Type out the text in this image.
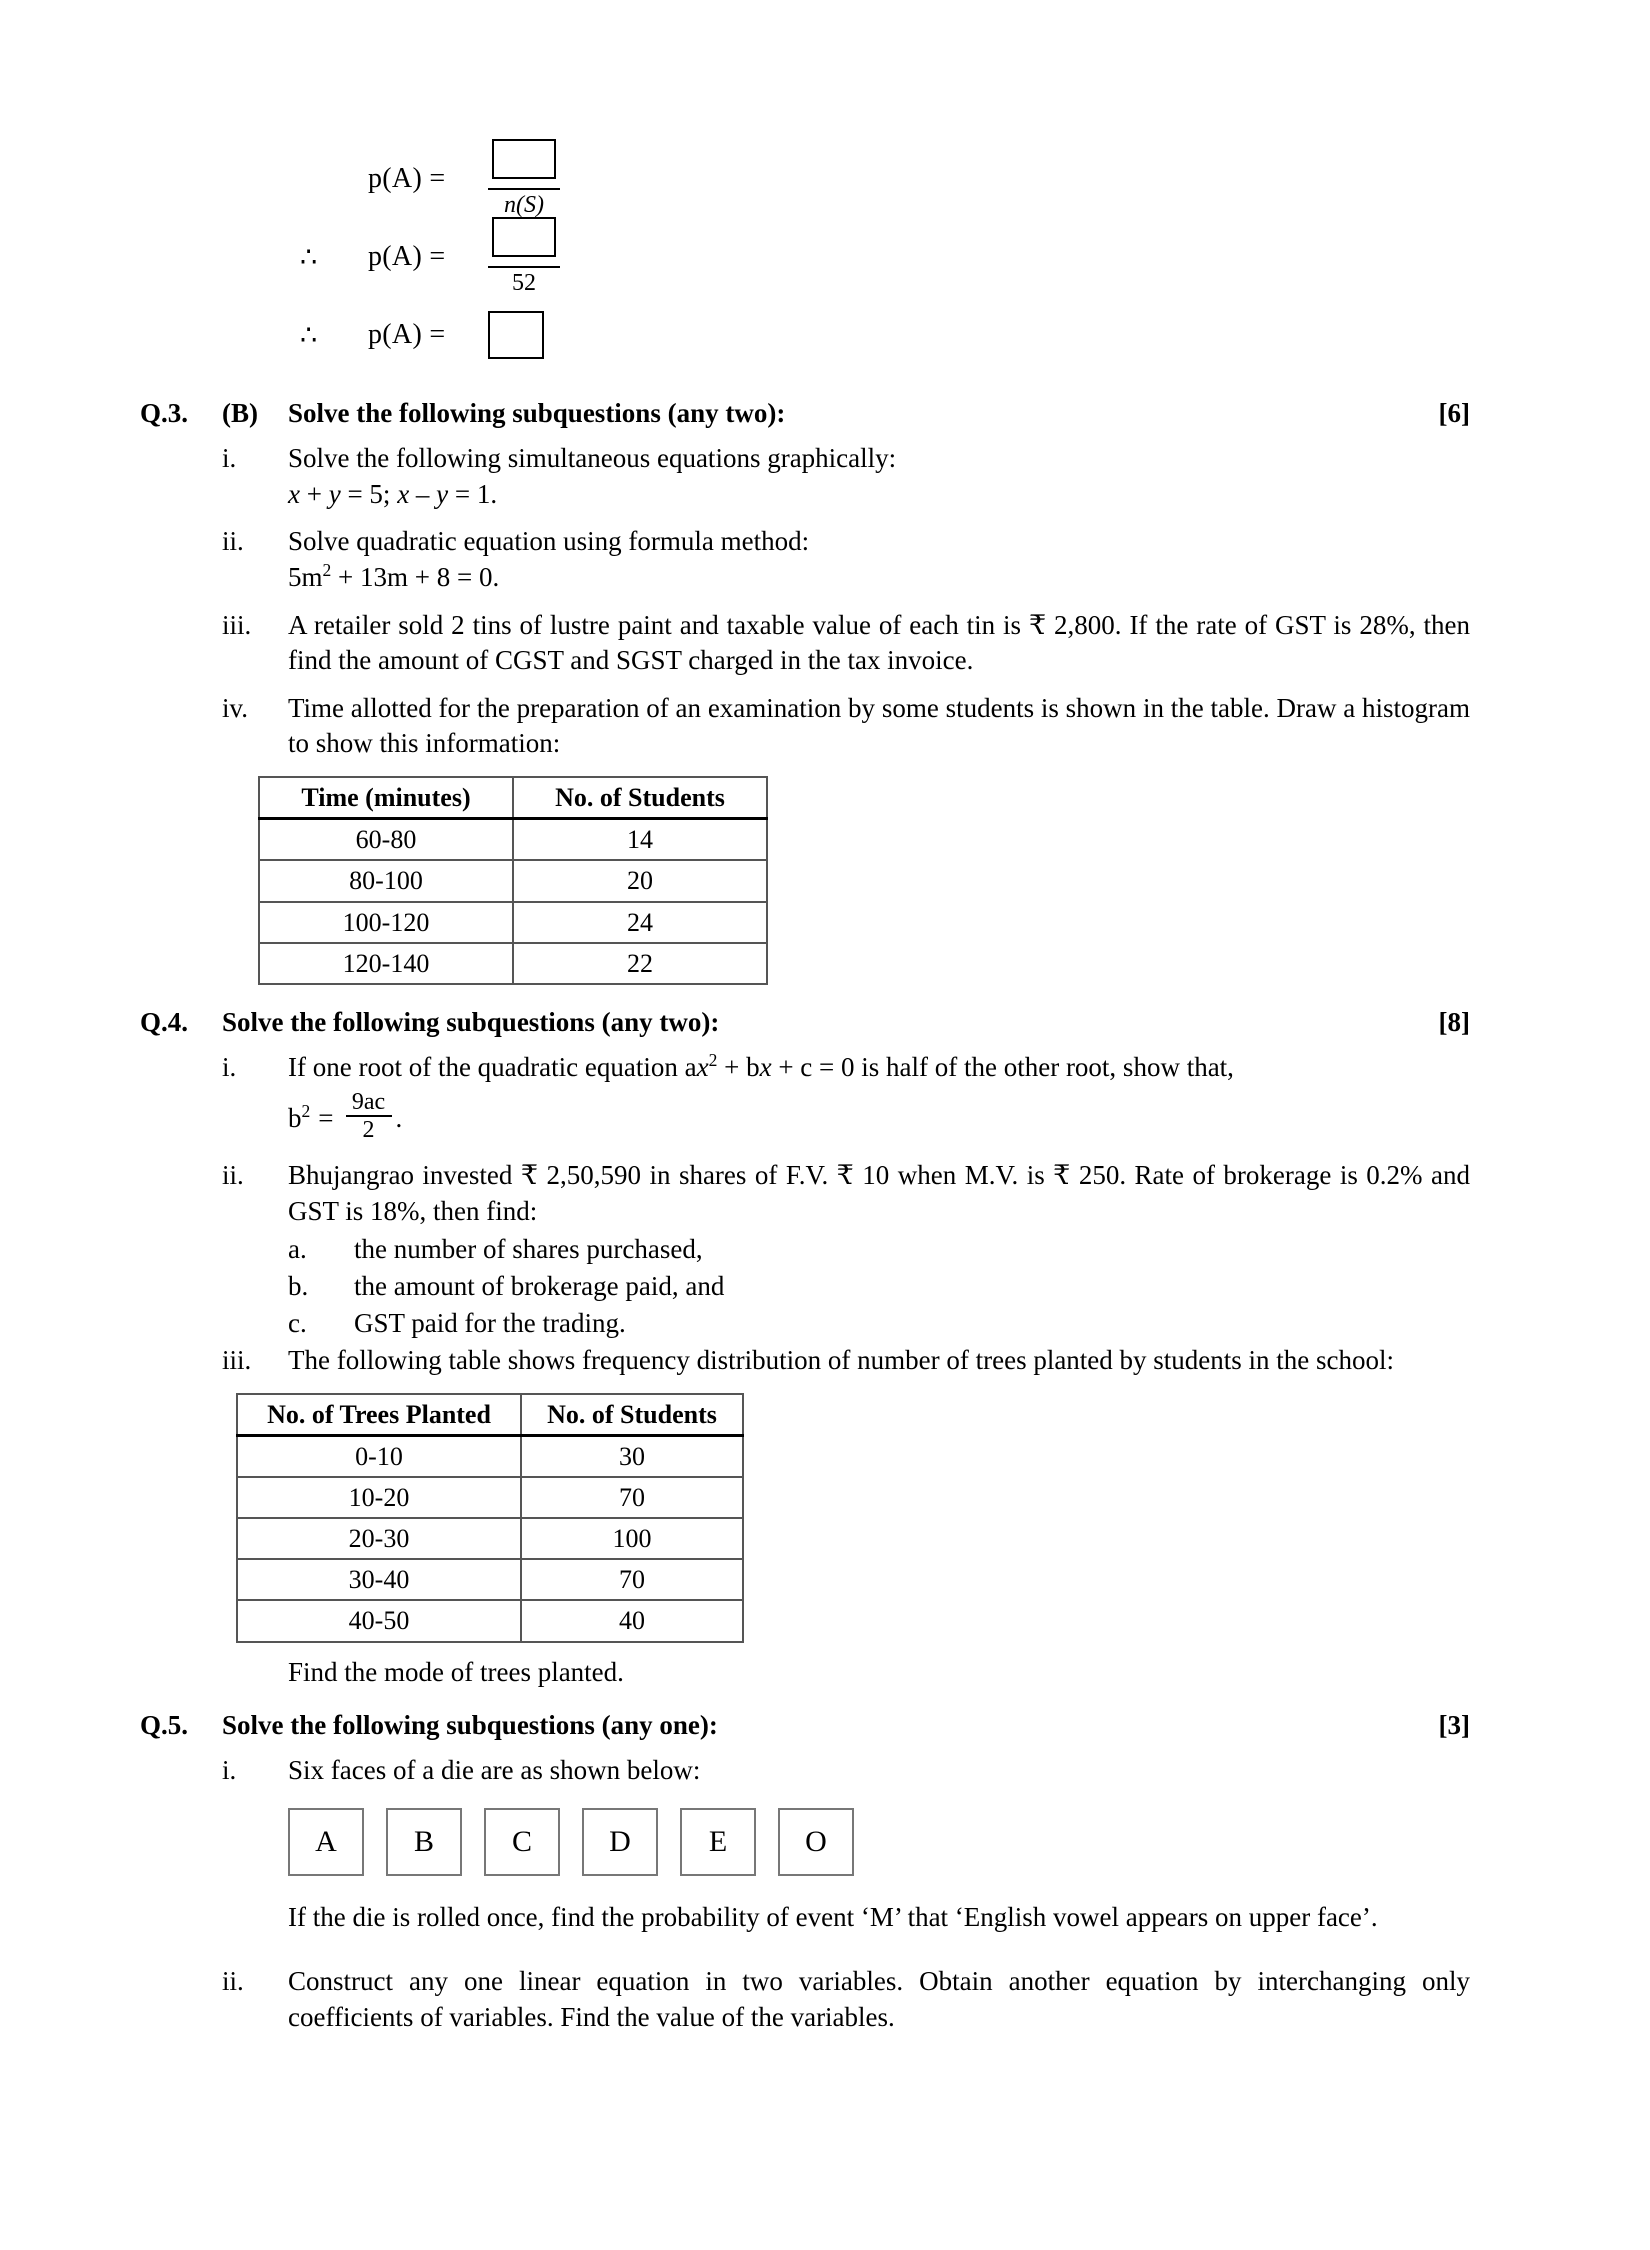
p(A) =
n(S)
∴	p(A) =
52
∴	p(A) =
Q.3.	(B)	Solve the following subquestions (any two):	[6]
i.	Solve the following simultaneous equations graphically:
x + y = 5; x – y = 1.
ii.	Solve quadratic equation using formula method:
$5m^2 + 13m + 8 = 0$.
iii.	A retailer sold 2 tins of lustre paint and taxable value of each tin is ₹ 2,800. If the rate of GST is 28%, then find the amount of CGST and SGST charged in the tax invoice.
iv.	Time allotted for the preparation of an examination by some students is shown in the table. Draw a histogram to show this information:
Time (minutes)	No. of Students
60-80	14
80-100	20
100-120	24
120-140	22
Q.4.	Solve the following subquestions (any two):	[8]
i.	If one root of the quadratic equation $ax^2$ + bx + c = 0 is half of the other root, show that,
$b^2$ =
9ac
2 .
ii.	Bhujangrao invested ₹ 2,50,590 in shares of F.V. ₹ 10 when M.V. is ₹ 250. Rate of brokerage is 0.2% and GST is 18%, then find:
a.	the number of shares purchased,
b.	the amount of brokerage paid, and
c.	GST paid for the trading.
iii.	The following table shows frequency distribution of number of trees planted by students in the school:
No. of Trees Planted	No. of Students
0-10	30
10-20	70
20-30	100
30-40	70
40-50	40
Find the mode of trees planted.
Q.5.	Solve the following subquestions (any one):	[3]
i.	Six faces of a die are as shown below:
A	B	C	D	E	O
If the die is rolled once, find the probability of event ‘M’ that ‘English vowel appears on upper face’.
ii.	Construct any one linear equation in two variables. Obtain another equation by interchanging only coefficients of variables. Find the value of the variables.
